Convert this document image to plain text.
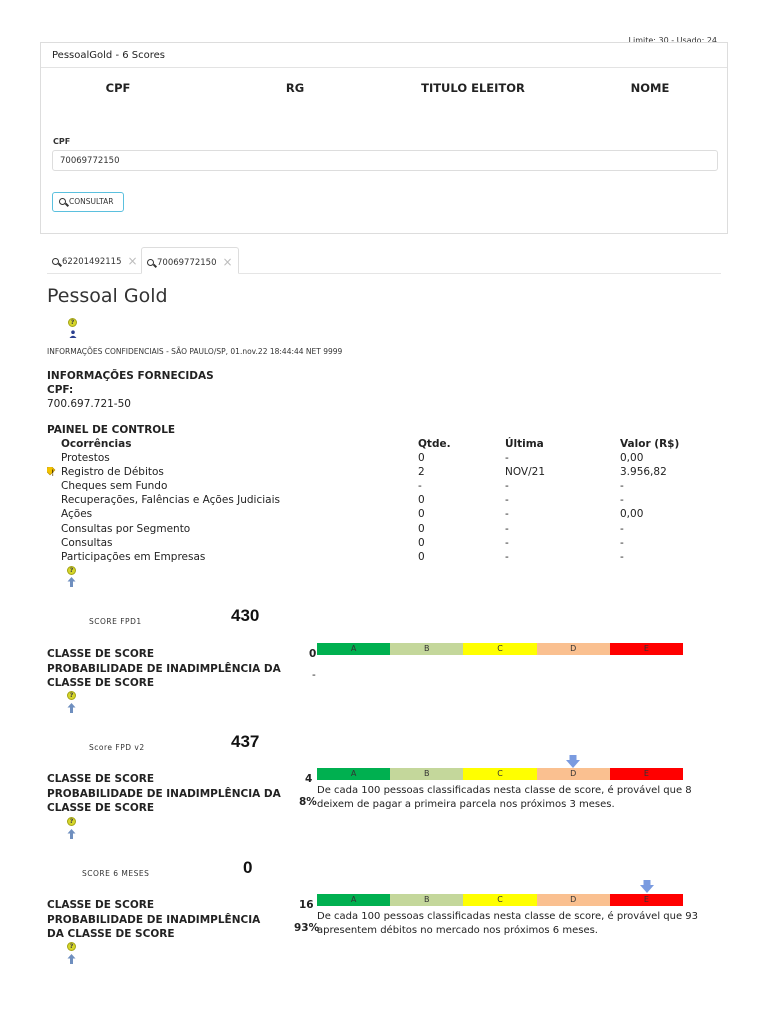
Limite: 30 - Usado: 24
PessoalGold - 6 Scores
CPF	RG	TITULO ELEITOR	NOME
CPF
70069772150
CONSULTAR
62201492115 ×	70069772150 ×
Pessoal Gold
?
INFORMAÇÕES CONFIDENCIAIS - SÃO PAULO/SP, 01.nov.22 18:44:44 NET 9999
INFORMAÇÕES FORNECIDAS
CPF:
700.697.721-50
PAINEL DE CONTROLE
Ocorrências	Qtde.	Última	Valor (R$)
Protestos	0	-	0,00
Registro de Débitos	2	NOV/21	3.956,82
Cheques sem Fundo	-	-	-
Recuperações, Falências e Ações Judiciais	0	-	-
Ações	0	-	0,00
Consultas por Segmento	0	-	-
Consultas	0	-	-
Participações em Empresas	0	-	-
?
SCORE FPD1	430
CLASSE DE SCORE
PROBABILIDADE DE INADIMPLÊNCIA DA CLASSE DE SCORE
0
-
A	B	C	D	E
?
Score FPD v2	437
CLASSE DE SCORE
PROBABILIDADE DE INADIMPLÊNCIA DA CLASSE DE SCORE
4
8%
A	B	C	D	E
De cada 100 pessoas classificadas nesta classe de score, é provável que 8 deixem de pagar a primeira parcela nos próximos 3 meses.
?
SCORE 6 MESES	0
CLASSE DE SCORE
PROBABILIDADE DE INADIMPLÊNCIA DA CLASSE DE SCORE
16
93%
A	B	C	D	E
De cada 100 pessoas classificadas nesta classe de score, é provável que 93 apresentem débitos no mercado nos próximos 6 meses.
?
